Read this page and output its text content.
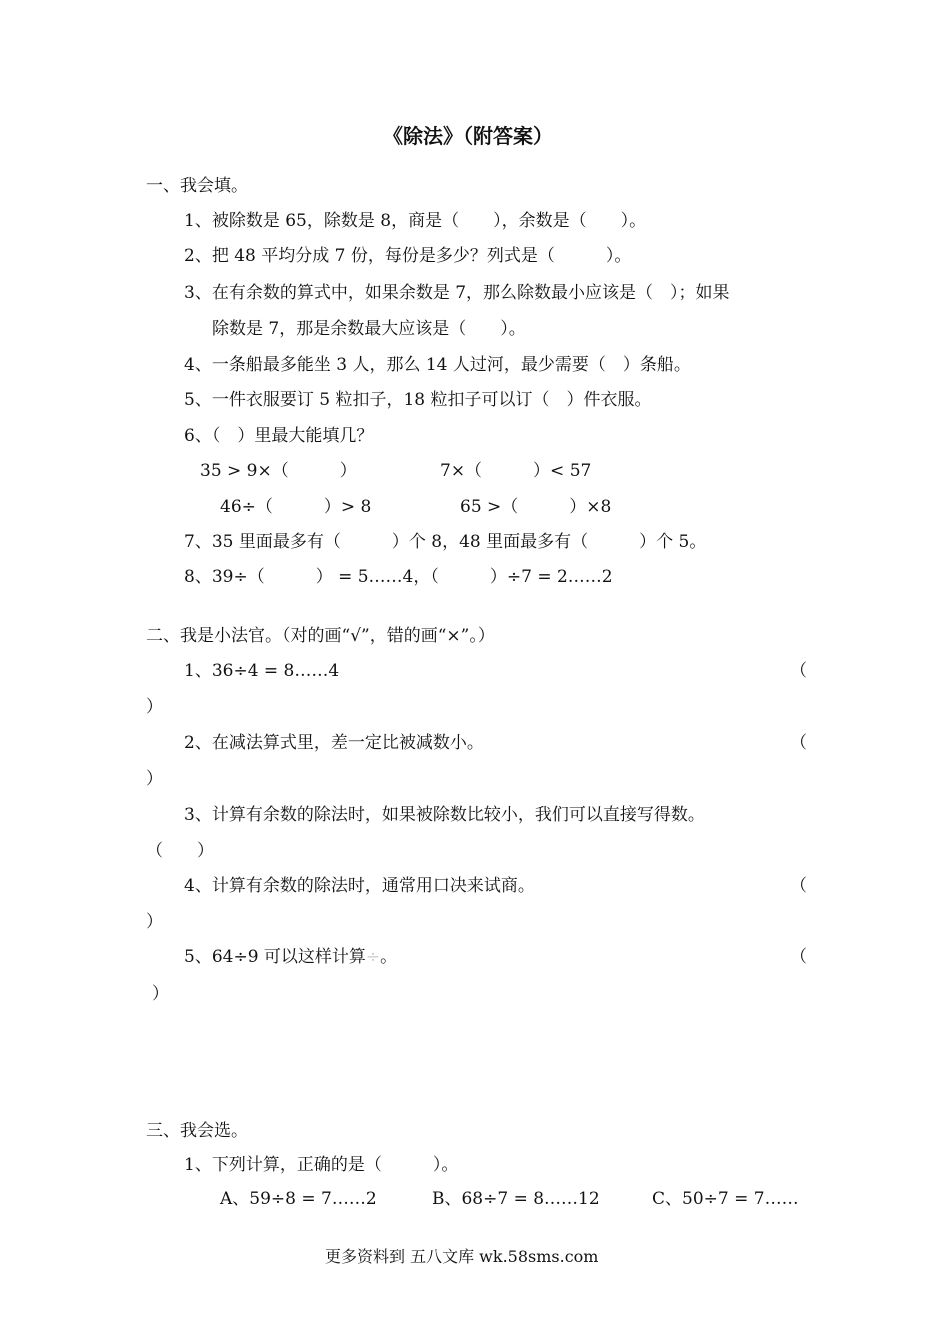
《除法》（附答案）
一、我会填。
1、被除数是 65，除数是 8，商是（　　），余数是（　　）。
2、把 48 平均分成 7 份，每份是多少？列式是（　　　）。
3、在有余数的算式中，如果余数是 7，那么除数最小应该是（　）；如果
除数是 7，那是余数最大应该是（　　）。
4、一条船最多能坐 3 人，那么 14 人过河，最少需要（　）条船。
5、一件衣服要订 5 粒扣子，18 粒扣子可以订（　）件衣服。
6、（　）里最大能填几？
35 > 9×（　　　）	7×（　　　）< 57
46÷（　　　）> 8	65 >（　　　）×8
7、35 里面最多有（　　　）个 8，48 里面最多有（　　　）个 5。
8、39÷（　　　） = 5……4，（　　　）÷7 = 2……2
二、我是小法官。（对的画“√”，错的画“×”。）
1、36÷4 = 8……4	（
）
2、在减法算式里，差一定比被减数小。	（
）
3、计算有余数的除法时，如果被除数比较小，我们可以直接写得数。
（　　）
4、计算有余数的除法时，通常用口决来试商。	（
）
5、64÷9 可以这样计算÷。	（
）
三、我会选。
1、下列计算，正确的是（　　　）。
A、59÷8 = 7……2	B、68÷7 = 8……12	C、50÷7 = 7……
更多资料到 五八文库 wk.58sms.com
